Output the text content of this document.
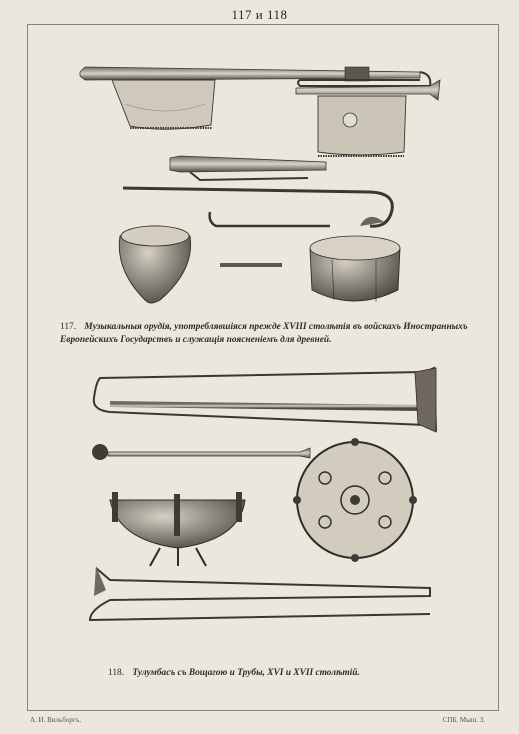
117 и 118
117. Музыкальныя орудія, употреблявшіяся прежде XVIII столѣтія въ войскахъ Иностранныхъ Европейскихъ Государствъ и служащія поясненіемъ для древней.
118. Тулумбасъ съ Вощагою и Трубы, XVI и XVII столѣтій.
А. И. Вильборгъ,	СПБ. Мыш. 3.
